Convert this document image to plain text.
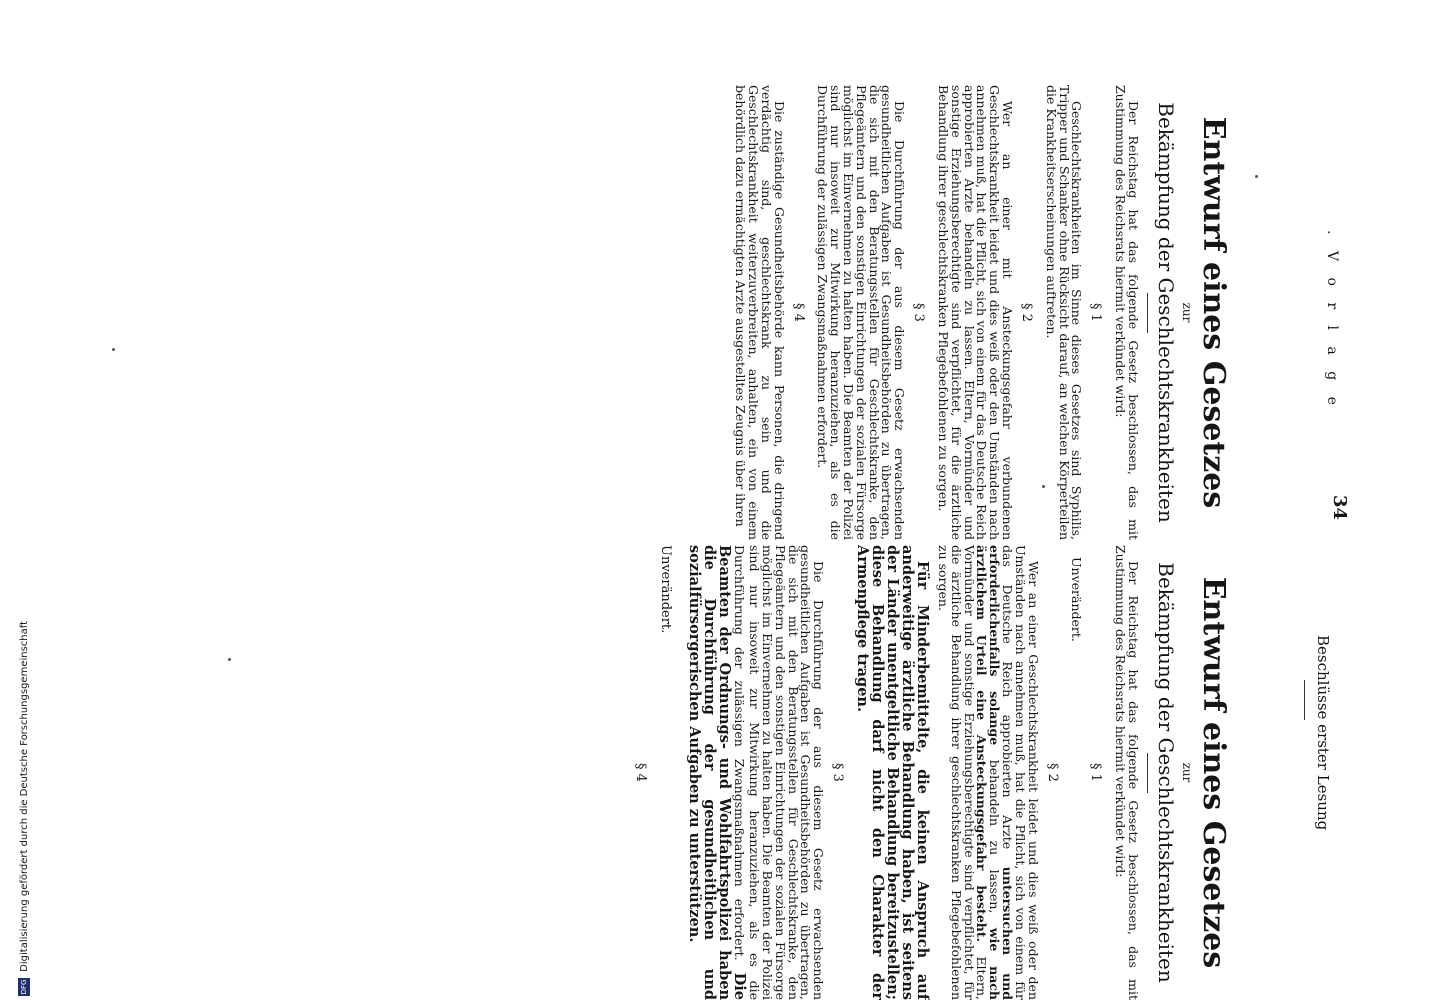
. V o r l a g e
34
Beschlüsse erster Lesung

Entwurf eines Gesetzes

zur

Bekämpfung der Geschlechtskrankheiten

Der Reichstag hat das folgende Gesetz beschlossen, das mit Zustimmung des Reichsrats hiermit verkündet wird:

§ 1

Geschlechtskrankheiten im Sinne dieses Gesetzes sind Syphilis, Tripper und Schanker ohne Rücksicht darauf, an welchen Körperteilen die Krankheitserscheinungen auftreten.

§ 2

Wer an einer mit Ansteckungsgefahr verbundenen Geschlechtskrankheit leidet und dies weiß oder den Umständen nach annehmen muß, hat die Pflicht, sich von einem für das Deutsche Reich approbierten Arzte behandeln zu lassen. Eltern, Vormünder und sonstige Erziehungsberechtigte sind verpflichtet, für die ärztliche Behandlung ihrer geschlechtskranken Pflegebefohlenen zu sorgen.

§ 3

Die Durchführung der aus diesem Gesetz erwachsenden gesundheitlichen Aufgaben ist Gesundheitsbehörden zu übertragen, die sich mit den Beratungsstellen für Geschlechtskranke, den Pflegeämtern und den sonstigen Einrichtungen der sozialen Fürsorge möglichst im Einvernehmen zu halten haben. Die Beamten der Polizei sind nur insoweit zur Mitwirkung heranzuziehen, als es die Durchführung der zulässigen Zwangsmaßnahmen erfordert.

§ 4

Die zuständige Gesundheitsbehörde kann Personen, die dringend verdächtig sind, geschlechtskrank zu sein und die Geschlechtskrankheit weiterzuverbreiten, anhalten, ein von einem behördlich dazu ermächtigten Arzte ausgestelltes Zeugnis über ihren

Entwurf eines Gesetzes

zur

Bekämpfung der Geschlechtskrankheiten

Der Reichstag hat das folgende Gesetz beschlossen, das mit Zustimmung des Reichsrats hiermit verkündet wird:

§ 1

Unverändert.

§ 2

Wer an einer Geschlechtskrankheit leidet und dies weiß oder den Umständen nach annehmen muß, hat die Pflicht, sich von einem für das Deutsche Reich approbierten Arzte untersuchen und erforderlichenfalls solange behandeln zu lassen, wie nach ärztlichem Urteil eine Ansteckungsgefahr besteht. Eltern, Vormünder und sonstige Erziehungsberechtigte sind verpflichtet, für die ärztliche Behandlung ihrer geschlechtskranken Pflegebefohlenen zu sorgen.

Für Minderbemittelte, die keinen Anspruch auf anderweitige ärztliche Behandlung haben, ist seitens der Länder unentgeltliche Behandlung bereitzustellen; diese Behandlung darf nicht den Charakter der Armenpflege tragen.

§ 3

Die Durchführung der aus diesem Gesetz erwachsenden gesundheitlichen Aufgaben ist Gesundheitsbehörden zu übertragen, die sich mit den Beratungsstellen für Geschlechtskranke, den Pflegeämtern und den sonstigen Einrichtungen der sozialen Fürsorge möglichst im Einvernehmen zu halten haben. Die Beamten der Polizei sind nur insoweit zur Mitwirkung heranzuziehen, als es die Durchführung der zulässigen Zwangsmaßnahmen erfordert. Die Beamten der Ordnungs- und Wohlfahrtspolizei haben die Durchführung der gesundheitlichen und sozialfürsorgerischen Aufgaben zu unterstützen.

Unverändert.

§ 4

DFG Digitalisierung gefördert durch die Deutsche Forschungsgemeinschaft
